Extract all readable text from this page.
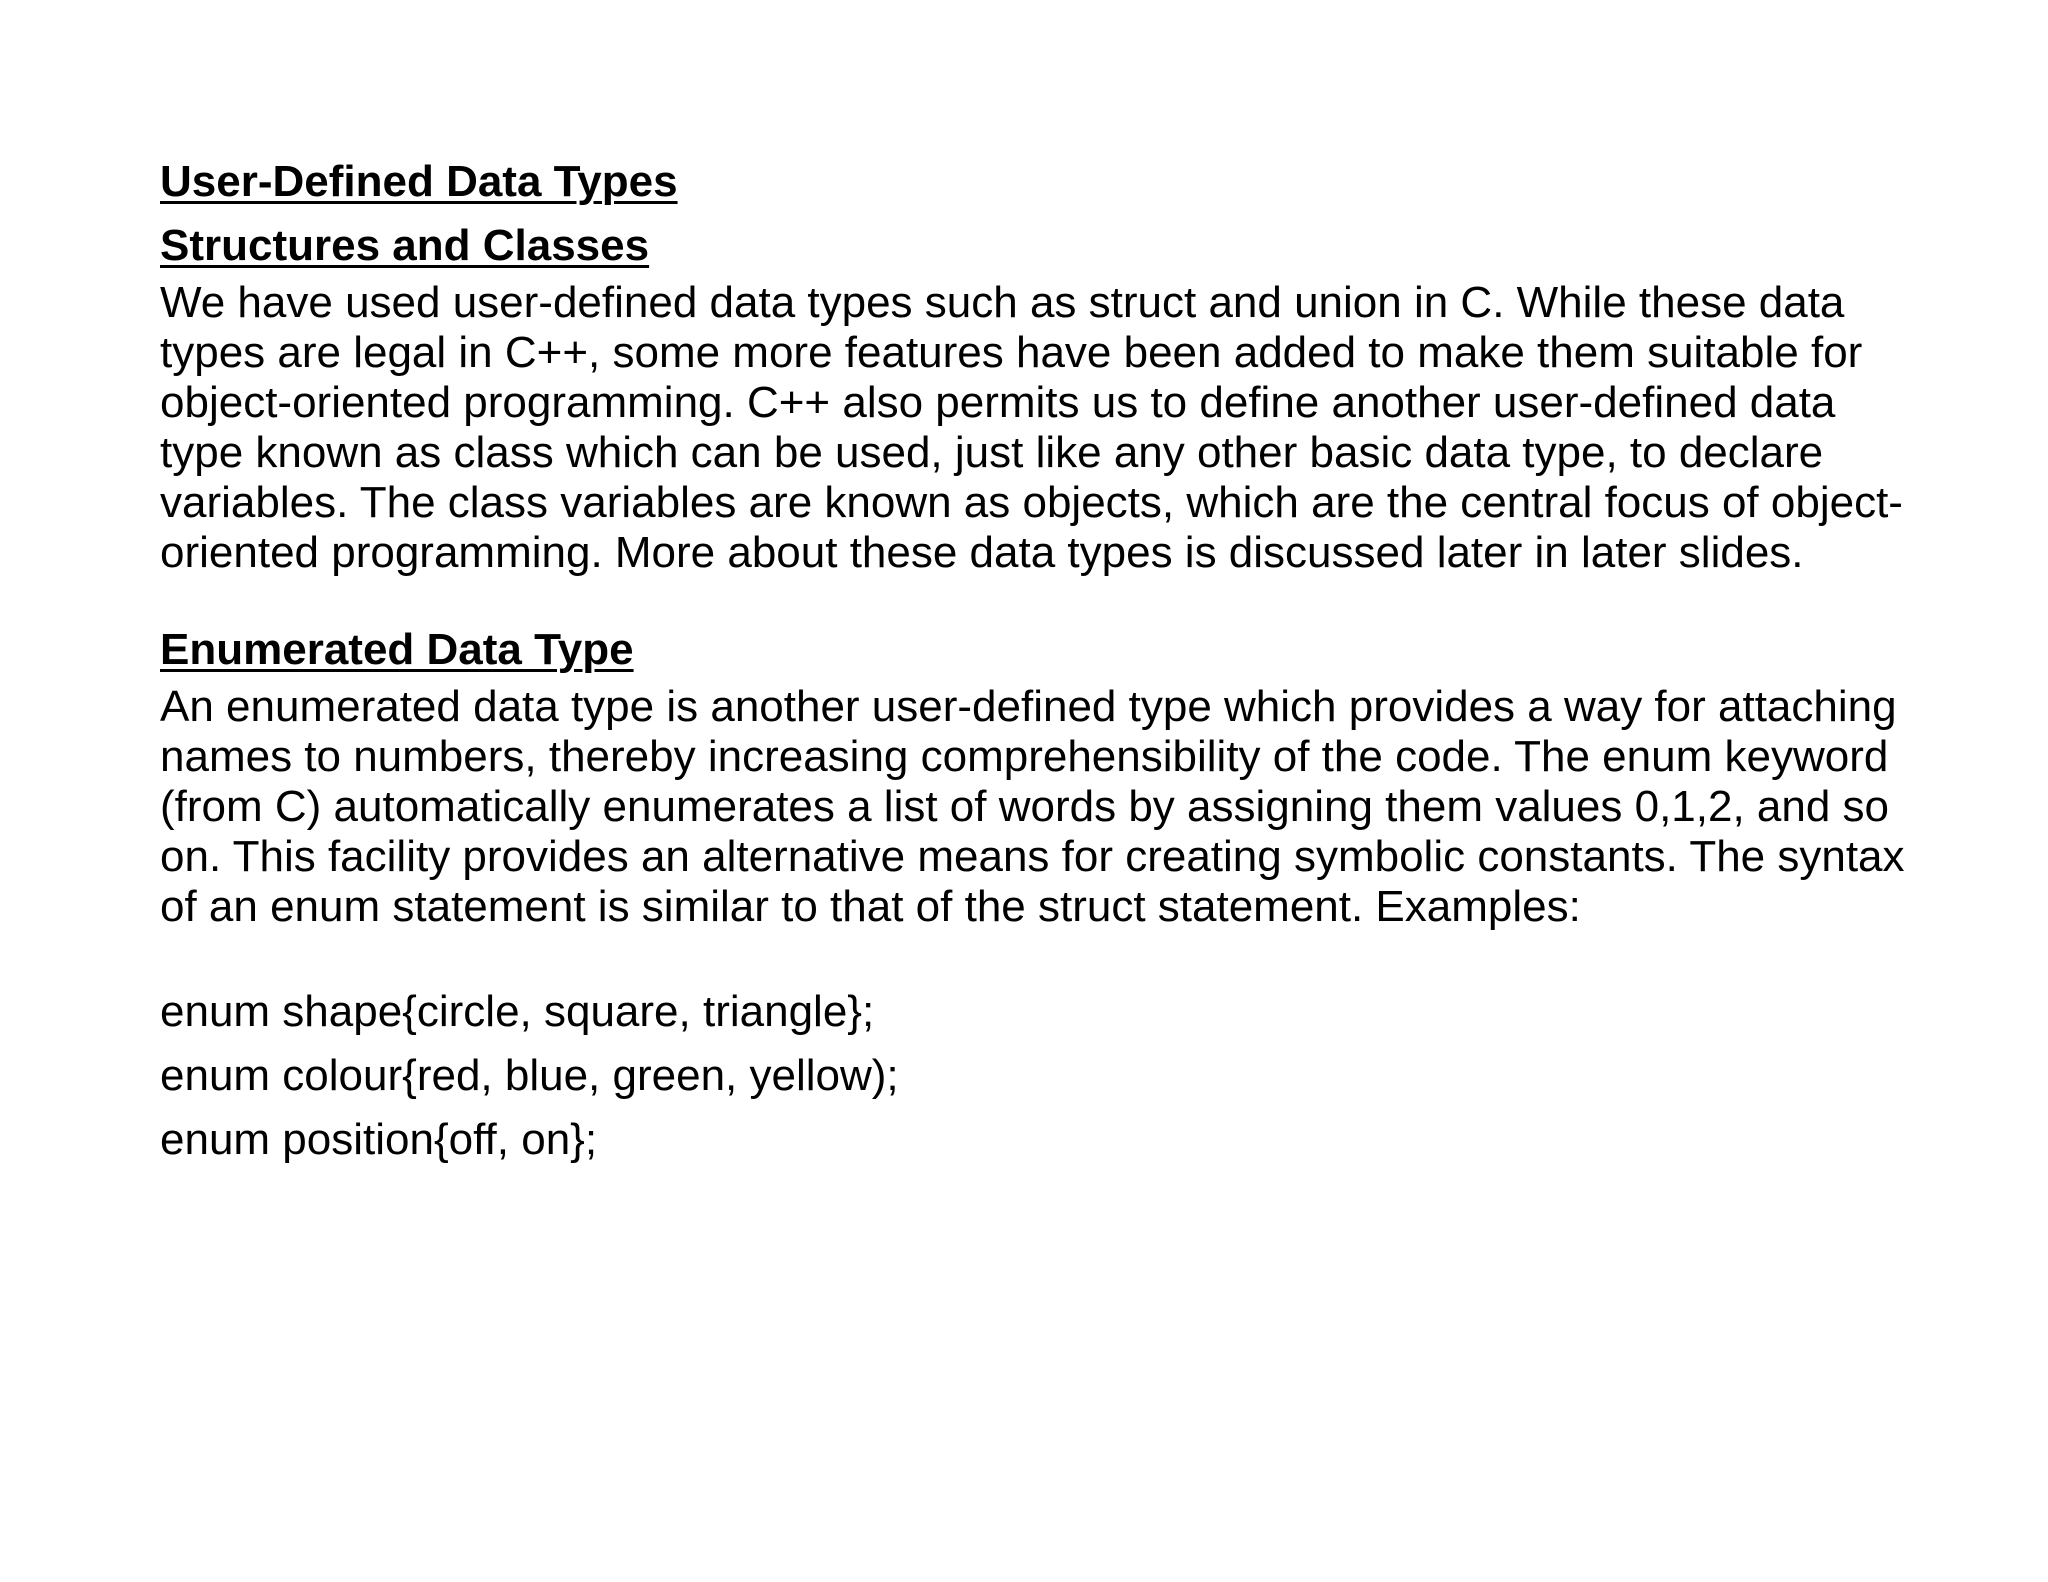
User-Defined Data Types
Structures and Classes

We have used user-defined data types such as struct and union in C. While these data types are legal in C++, some more features have been added to make them suitable for object-oriented programming. C++ also permits us to define another user-defined data type known as class which can be used, just like any other basic data type, to declare variables. The class variables are known as objects, which are the central focus of object-oriented programming. More about these data types is discussed later in later slides.

Enumerated Data Type

An enumerated data type is another user-defined type which provides a way for attaching names to numbers, thereby increasing comprehensibility of the code. The enum keyword (from C) automatically enumerates a list of words by assigning them values 0,1,2, and so on. This facility provides an alternative means for creating symbolic constants. The syntax of an enum statement is similar to that of the struct statement. Examples:

enum shape{circle, square, triangle};

enum colour{red, blue, green, yellow);

enum position{off, on};
